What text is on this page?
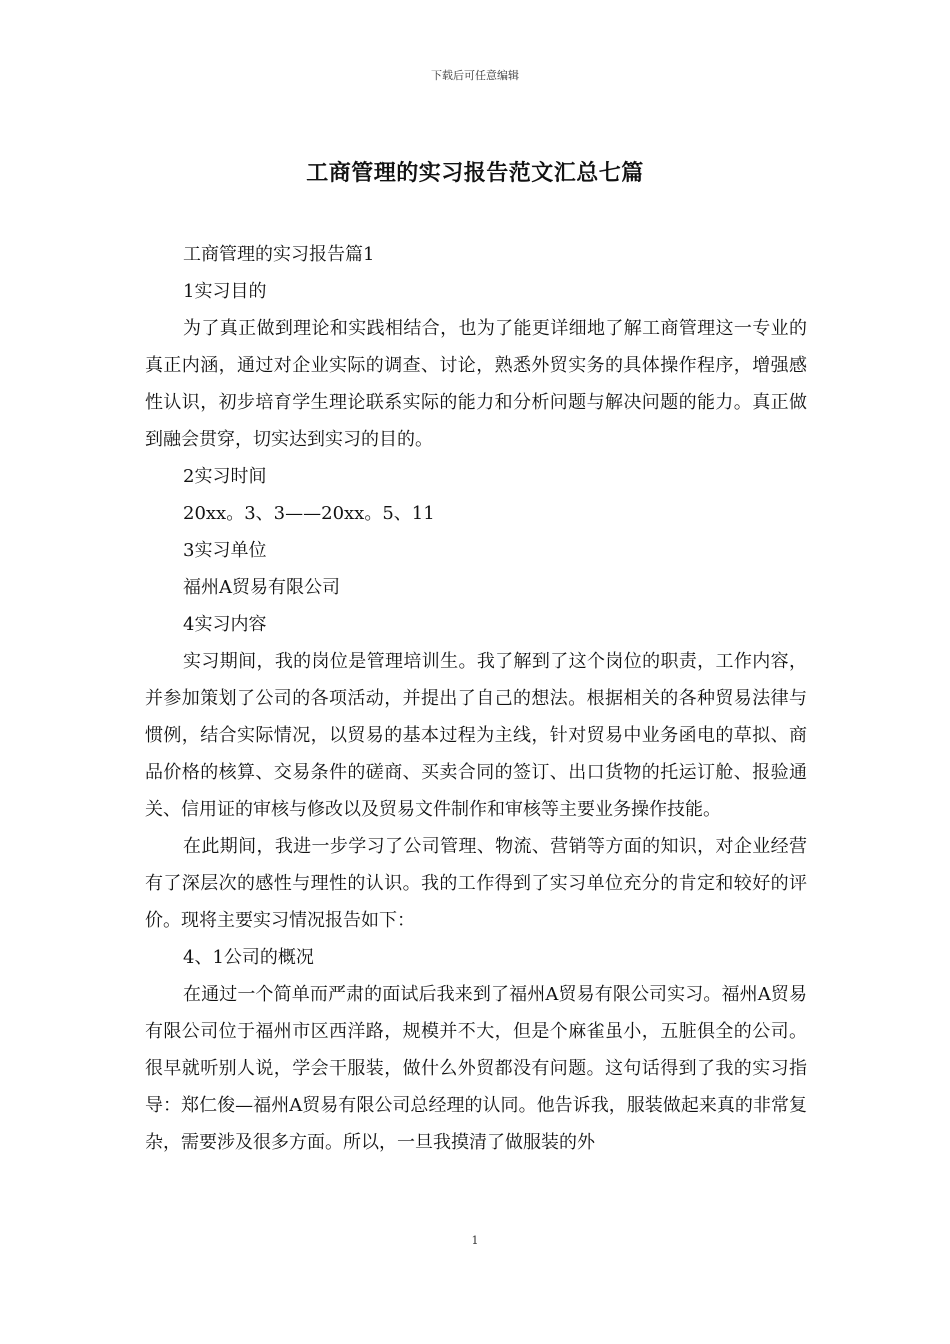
下载后可任意编辑
工商管理的实习报告范文汇总七篇

工商管理的实习报告篇1

1实习目的

为了真正做到理论和实践相结合，也为了能更详细地了解工商管理这一专业的真正内涵，通过对企业实际的调查、讨论，熟悉外贸实务的具体操作程序，增强感性认识，初步培育学生理论联系实际的能力和分析问题与解决问题的能力。真正做到融会贯穿，切实达到实习的目的。

2实习时间

20xx。3、3——20xx。5、11

3实习单位

福州A贸易有限公司

4实习内容

实习期间，我的岗位是管理培训生。我了解到了这个岗位的职责，工作内容，并参加策划了公司的各项活动，并提出了自己的想法。根据相关的各种贸易法律与惯例，结合实际情况，以贸易的基本过程为主线，针对贸易中业务函电的草拟、商品价格的核算、交易条件的磋商、买卖合同的签订、出口货物的托运订舱、报验通关、信用证的审核与修改以及贸易文件制作和审核等主要业务操作技能。

在此期间，我进一步学习了公司管理、物流、营销等方面的知识，对企业经营有了深层次的感性与理性的认识。我的工作得到了实习单位充分的肯定和较好的评价。现将主要实习情况报告如下：

4、1公司的概况

在通过一个简单而严肃的面试后我来到了福州A贸易有限公司实习。福州A贸易有限公司位于福州市区西洋路，规模并不大，但是个麻雀虽小，五脏俱全的公司。很早就听别人说，学会干服装，做什么外贸都没有问题。这句话得到了我的实习指导：郑仁俊—福州A贸易有限公司总经理的认同。他告诉我，服装做起来真的非常复杂，需要涉及很多方面。所以，一旦我摸清了做服装的外

1
